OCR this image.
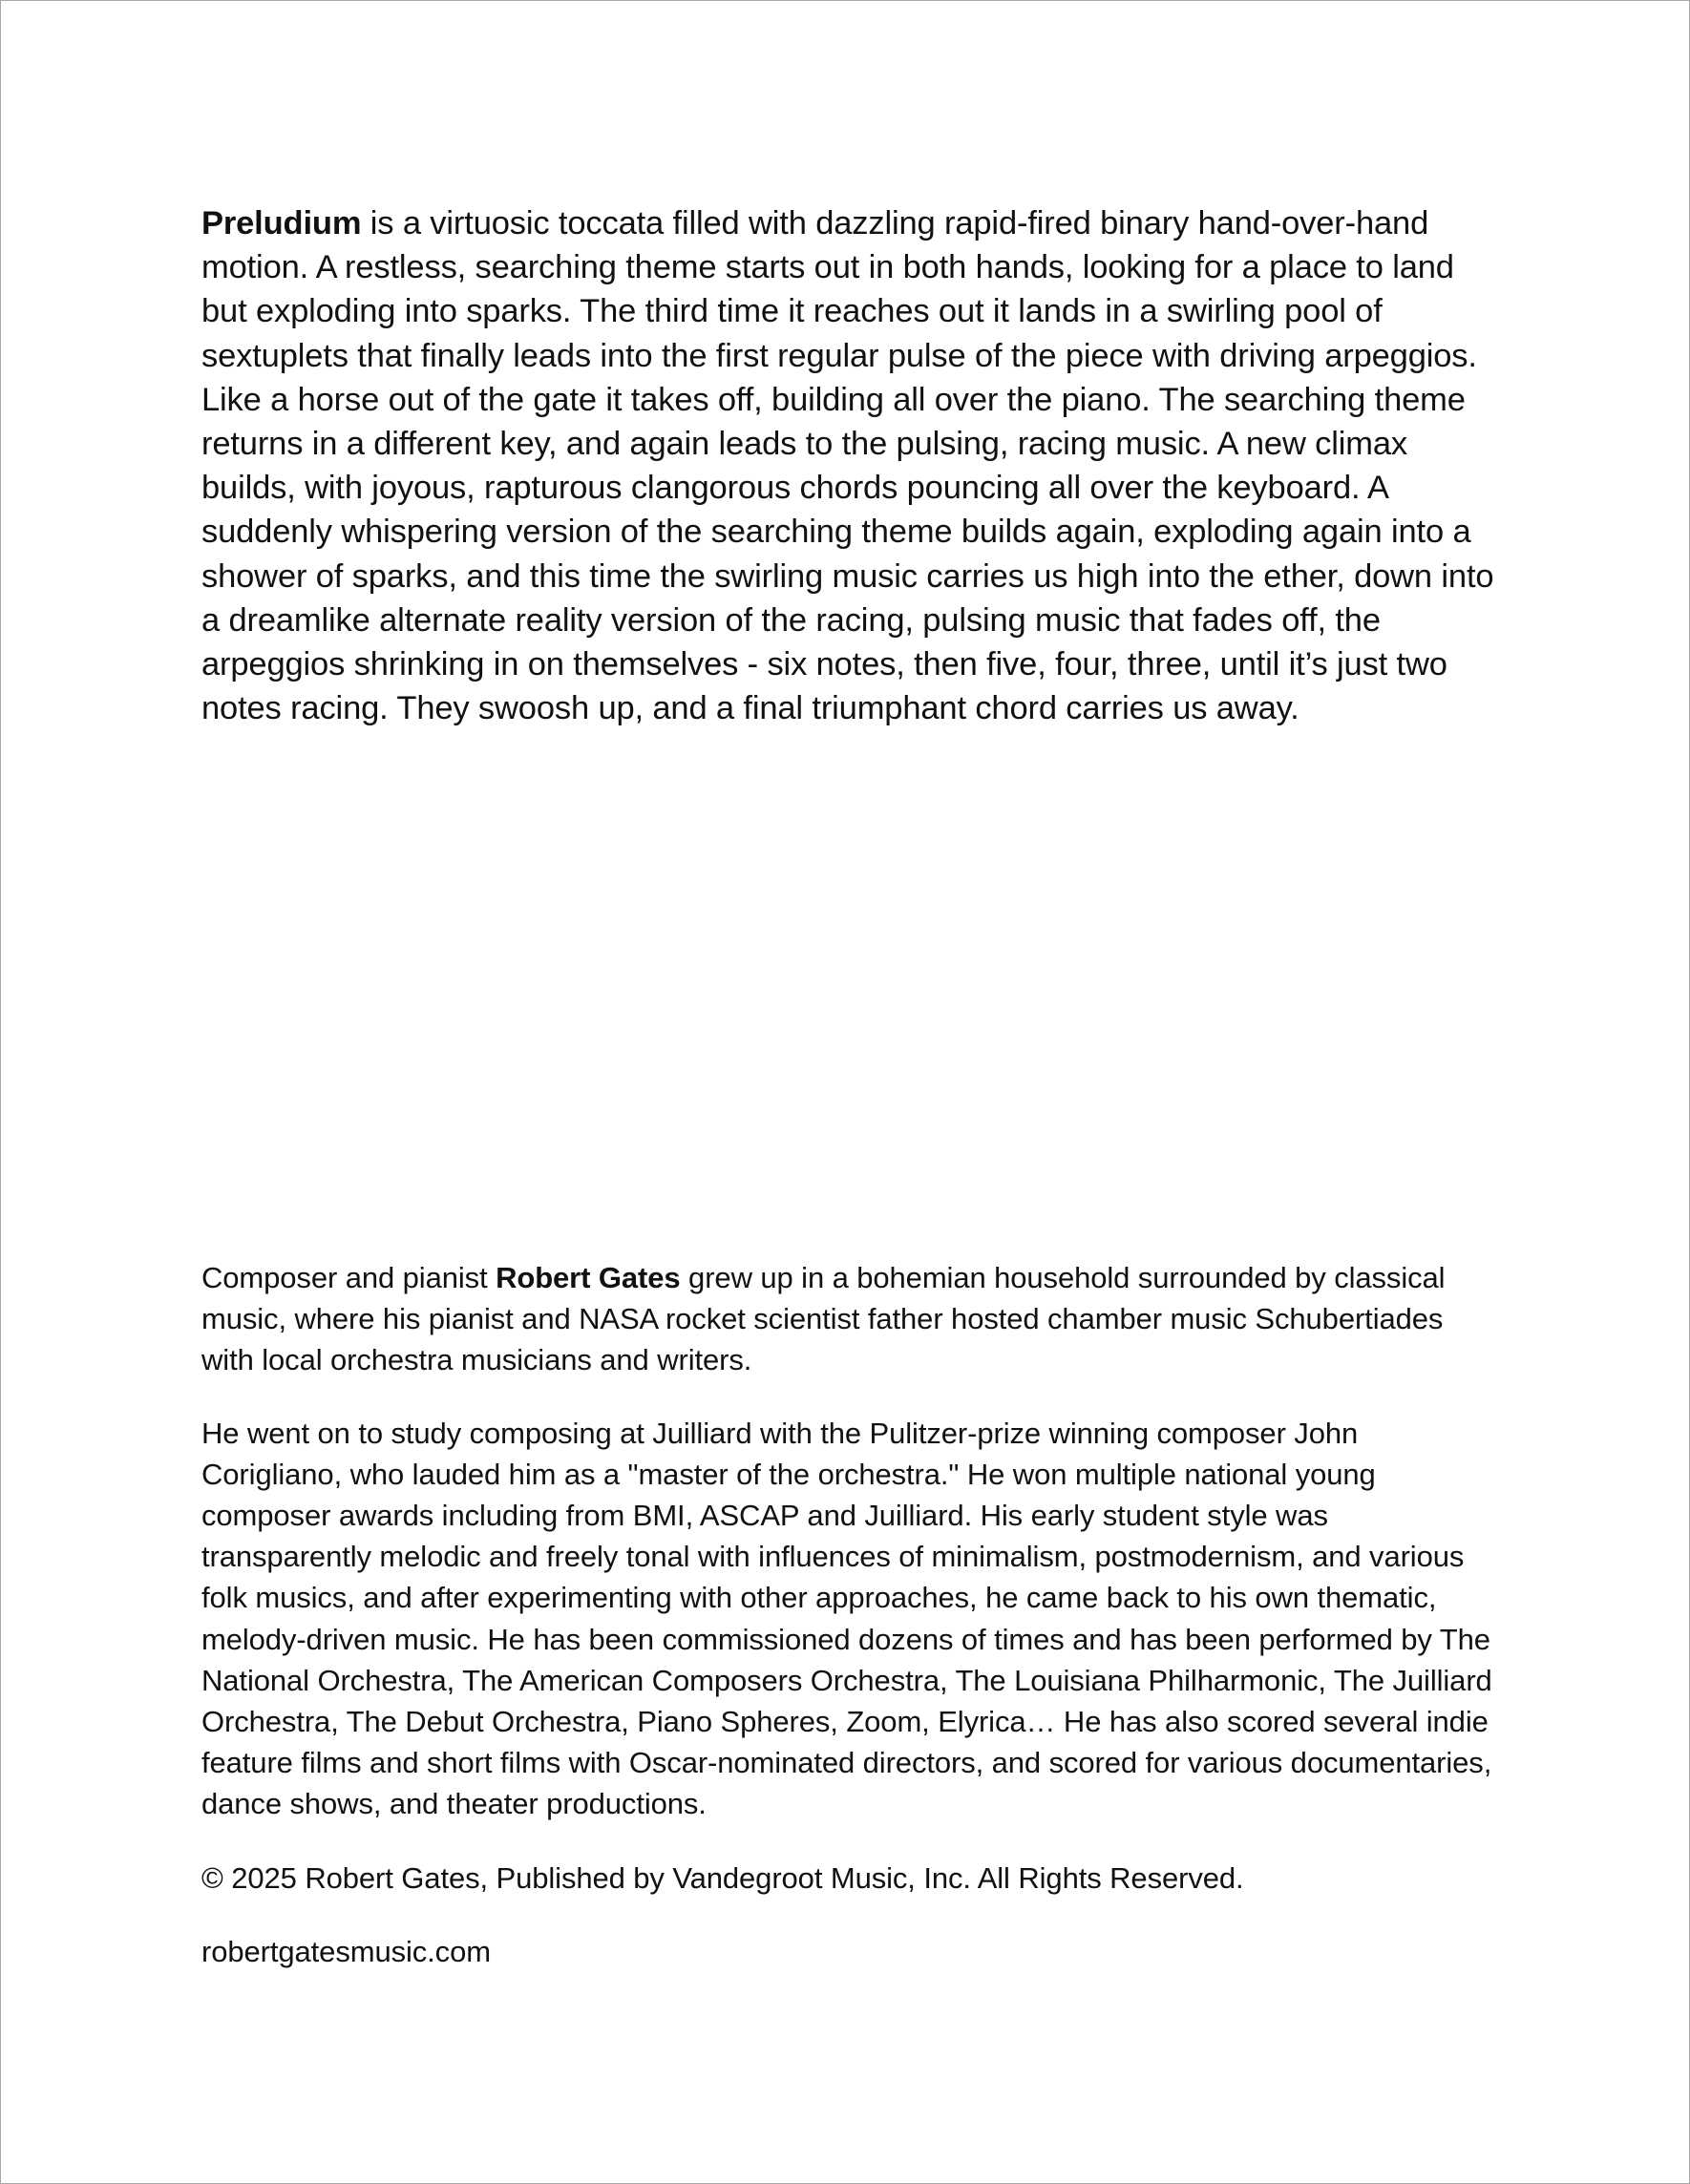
Preludium is a virtuosic toccata filled with dazzling rapid-fired binary hand-over-hand motion. A restless, searching theme starts out in both hands, looking for a place to land but exploding into sparks. The third time it reaches out it lands in a swirling pool of sextuplets that finally leads into the first regular pulse of the piece with driving arpeggios. Like a horse out of the gate it takes off, building all over the piano. The searching theme returns in a different key, and again leads to the pulsing, racing music. A new climax builds, with joyous, rapturous clangorous chords pouncing all over the keyboard. A suddenly whispering version of the searching theme builds again, exploding again into a shower of sparks, and this time the swirling music carries us high into the ether, down into a dreamlike alternate reality version of the racing, pulsing music that fades off, the arpeggios shrinking in on themselves - six notes, then five, four, three, until it’s just two notes racing. They swoosh up, and a final triumphant chord carries us away.

Composer and pianist Robert Gates grew up in a bohemian household surrounded by classical music, where his pianist and NASA rocket scientist father hosted chamber music Schubertiades with local orchestra musicians and writers.

He went on to study composing at Juilliard with the Pulitzer-prize winning composer John Corigliano, who lauded him as a "master of the orchestra." He won multiple national young composer awards including from BMI, ASCAP and Juilliard. His early student style was transparently melodic and freely tonal with influences of minimalism, postmodernism, and various folk musics, and after experimenting with other approaches, he came back to his own thematic, melody-driven music. He has been commissioned dozens of times and has been performed by The National Orchestra, The American Composers Orchestra, The Louisiana Philharmonic, The Juilliard Orchestra, The Debut Orchestra, Piano Spheres, Zoom, Elyrica… He has also scored several indie feature films and short films with Oscar-nominated directors, and scored for various documentaries, dance shows, and theater productions.

© 2025 Robert Gates, Published by Vandegroot Music, Inc. All Rights Reserved.

robertgatesmusic.com
